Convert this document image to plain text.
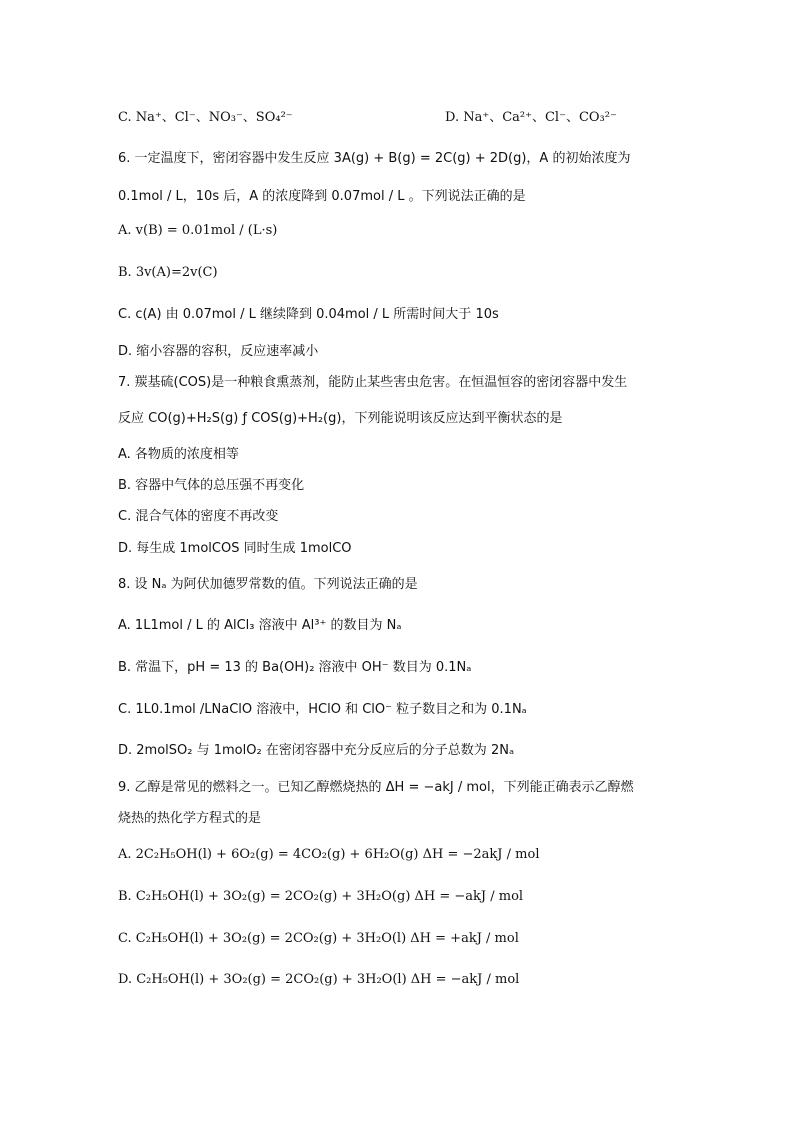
C. Na⁺、Cl⁻、NO₃⁻、SO₄²⁻	D. Na⁺、Ca²⁺、Cl⁻、CO₃²⁻
6. 一定温度下，密闭容器中发生反应 3A(g) + B(g) = 2C(g) + 2D(g)，A 的初始浓度为
0.1mol / L，10s 后，A 的浓度降到 0.07mol / L 。下列说法正确的是
A. v(B) = 0.01mol / (L·s)
B. 3v(A)=2v(C)
C. c(A) 由 0.07mol / L 继续降到 0.04mol / L 所需时间大于 10s
D. 缩小容器的容积，反应速率减小
7. 羰基硫(COS)是一种粮食熏蒸剂，能防止某些害虫危害。在恒温恒容的密闭容器中发生
反应 CO(g)+H₂S(g) ƒ COS(g)+H₂(g)，下列能说明该反应达到平衡状态的是
A. 各物质的浓度相等
B. 容器中气体的总压强不再变化
C. 混合气体的密度不再改变
D. 每生成 1molCOS 同时生成 1molCO
8. 设 Nₐ 为阿伏加德罗常数的值。下列说法正确的是
A. 1L1mol / L 的 AlCl₃ 溶液中 Al³⁺ 的数目为 Nₐ
B. 常温下，pH = 13 的 Ba(OH)₂ 溶液中 OH⁻ 数目为 0.1Nₐ
C. 1L0.1mol /LNaClO 溶液中，HClO 和 ClO⁻ 粒子数目之和为 0.1Nₐ
D. 2molSO₂ 与 1molO₂ 在密闭容器中充分反应后的分子总数为 2Nₐ
9. 乙醇是常见的燃料之一。已知乙醇燃烧热的 ΔH = −akJ / mol，下列能正确表示乙醇燃
烧热的热化学方程式的是
A. 2C₂H₅OH(l) + 6O₂(g) = 4CO₂(g) + 6H₂O(g) ΔH = −2akJ / mol
B. C₂H₅OH(l) + 3O₂(g) = 2CO₂(g) + 3H₂O(g) ΔH = −akJ / mol
C. C₂H₅OH(l) + 3O₂(g) = 2CO₂(g) + 3H₂O(l) ΔH = +akJ / mol
D. C₂H₅OH(l) + 3O₂(g) = 2CO₂(g) + 3H₂O(l) ΔH = −akJ / mol
